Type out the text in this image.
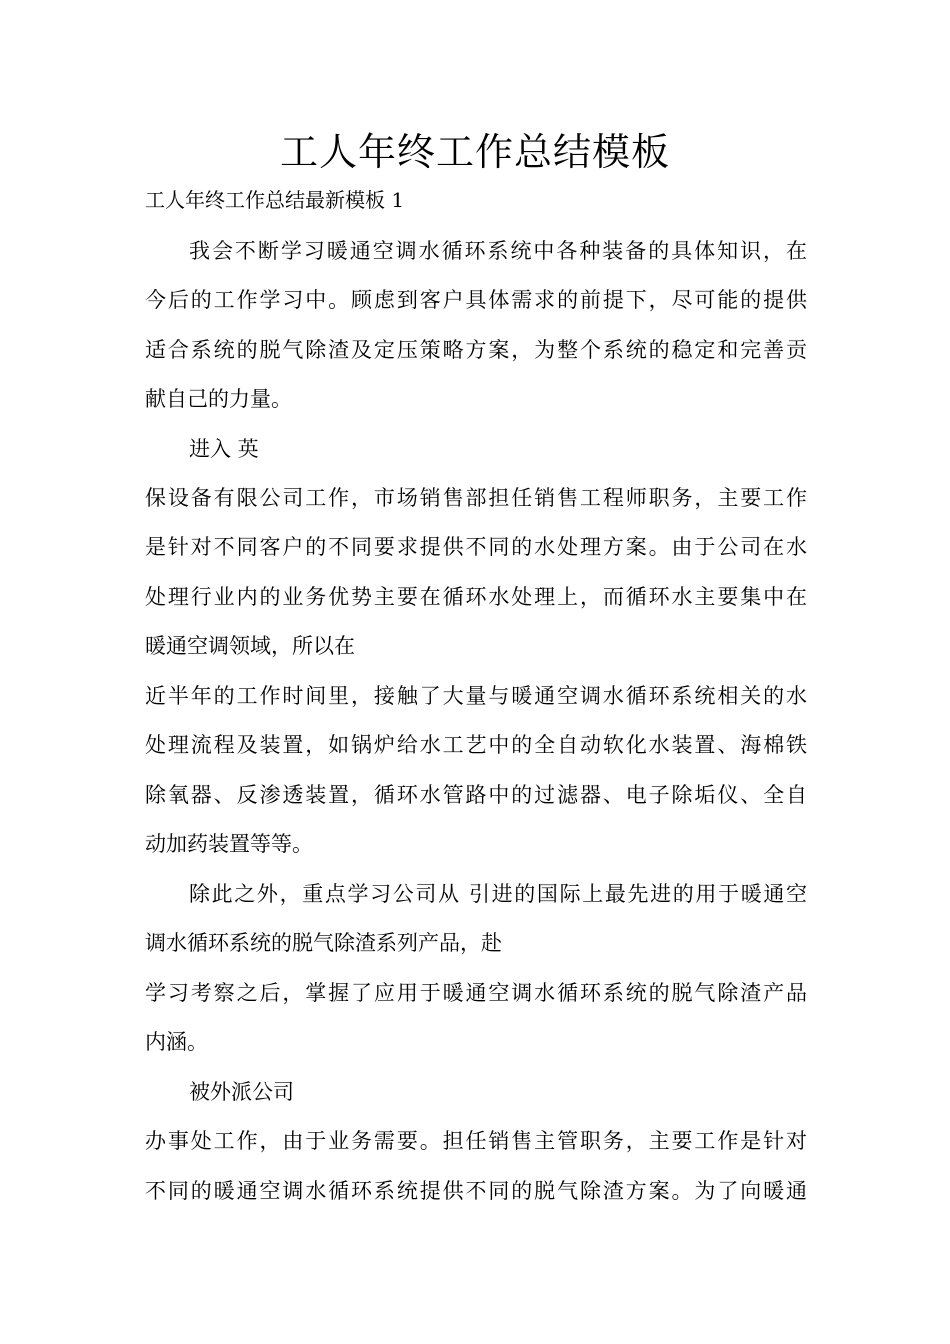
工人年终工作总结模板

工人年终工作总结最新模板 1

我会不断学习暖通空调水循环系统中各种装备的具体知识，在

今后的工作学习中。顾虑到客户具体需求的前提下，尽可能的提供

适合系统的脱气除渣及定压策略方案，为整个系统的稳定和完善贡

献自己的力量。

进入 英

保设备有限公司工作，市场销售部担任销售工程师职务，主要工作

是针对不同客户的不同要求提供不同的水处理方案。由于公司在水

处理行业内的业务优势主要在循环水处理上，而循环水主要集中在

暖通空调领域，所以在

近半年的工作时间里，接触了大量与暖通空调水循环系统相关的水

处理流程及装置，如锅炉给水工艺中的全自动软化水装置、海棉铁

除氧器、反渗透装置，循环水管路中的过滤器、电子除垢仪、全自

动加药装置等等。

除此之外，重点学习公司从 引进的国际上最先进的用于暖通空

调水循环系统的脱气除渣系列产品，赴

学习考察之后，掌握了应用于暖通空调水循环系统的脱气除渣产品

内涵。

被外派公司

办事处工作，由于业务需要。担任销售主管职务，主要工作是针对

不同的暖通空调水循环系统提供不同的脱气除渣方案。为了向暖通
